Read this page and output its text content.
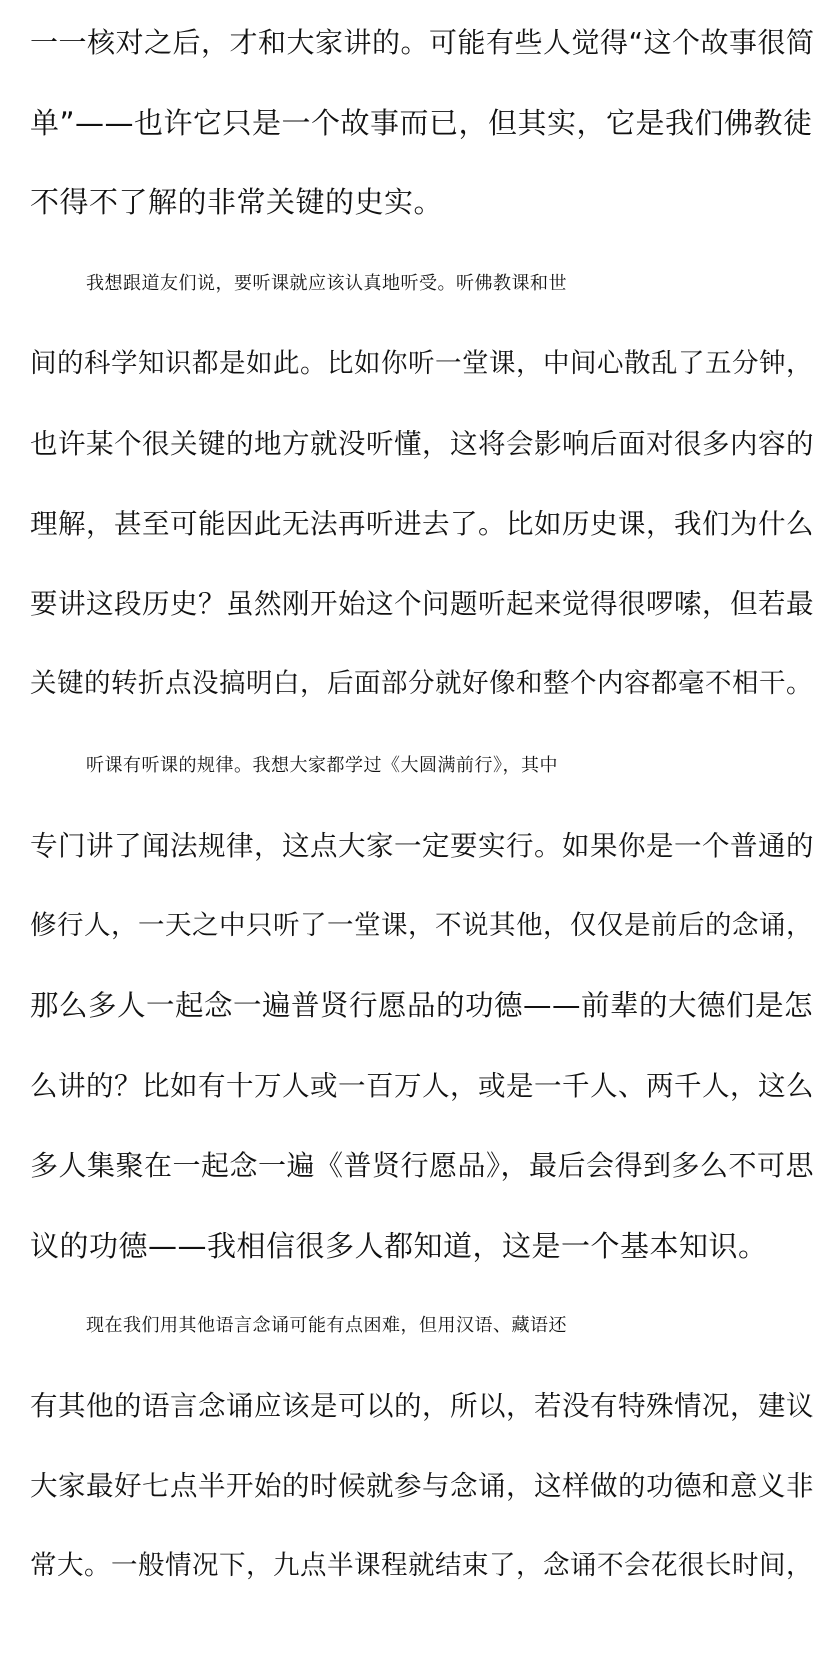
一一核对之后，才和大家讲的。可能有些人觉得“这个故事很简
单”——也许它只是一个故事而已，但其实，它是我们佛教徒
不得不了解的非常关键的史实。
我想跟道友们说，要听课就应该认真地听受。听佛教课和世
间的科学知识都是如此。比如你听一堂课，中间心散乱了五分钟，
也许某个很关键的地方就没听懂，这将会影响后面对很多内容的
理解，甚至可能因此无法再听进去了。比如历史课，我们为什么
要讲这段历史？虽然刚开始这个问题听起来觉得很啰嗦，但若最
关键的转折点没搞明白，后面部分就好像和整个内容都毫不相干。
听课有听课的规律。我想大家都学过《大圆满前行》，其中
专门讲了闻法规律，这点大家一定要实行。如果你是一个普通的
修行人，一天之中只听了一堂课，不说其他，仅仅是前后的念诵，
那么多人一起念一遍普贤行愿品的功德——前辈的大德们是怎
么讲的？比如有十万人或一百万人，或是一千人、两千人，这么
多人集聚在一起念一遍《普贤行愿品》，最后会得到多么不可思
议的功德——我相信很多人都知道，这是一个基本知识。
现在我们用其他语言念诵可能有点困难，但用汉语、藏语还
有其他的语言念诵应该是可以的，所以，若没有特殊情况，建议
大家最好七点半开始的时候就参与念诵，这样做的功德和意义非
常大。一般情况下，九点半课程就结束了，念诵不会花很长时间，
